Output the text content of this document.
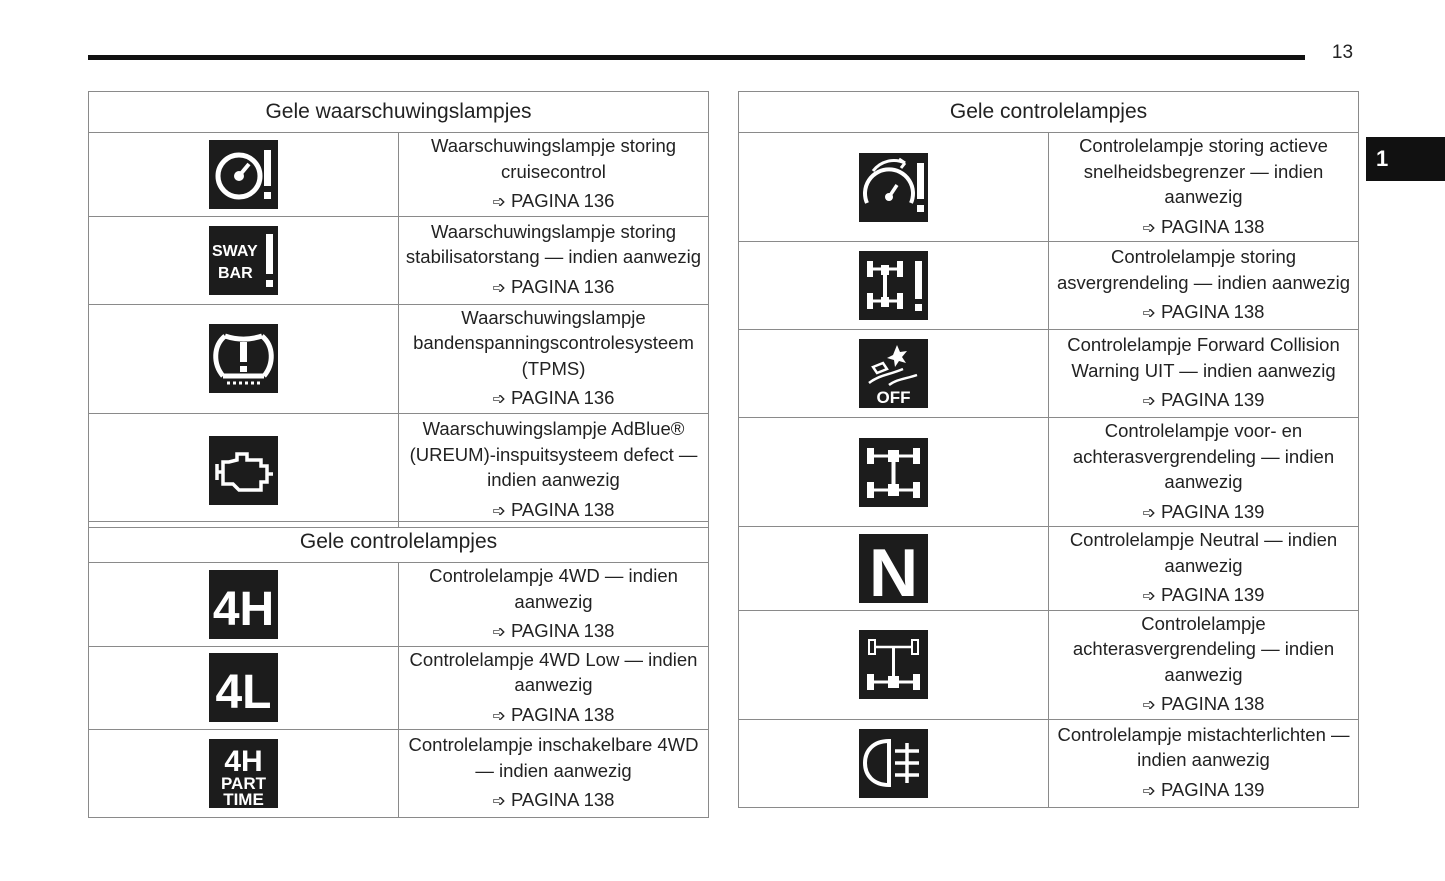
13
1
Gele waarschuwingslampjes	

	Waarschuwingslampje storing cruisecontrol
➩ PAGINA 136

SWAY
BAR	Waarschuwingslampje storing stabilisatorstang — indien aanwezig
➩ PAGINA 136

	Waarschuwingslampje bandenspanningscontrolesysteem (TPMS)
➩ PAGINA 136

	Waarschuwingslampje AdBlue® (UREUM)-inspuitsysteem defect — indien aanwezig
➩ PAGINA 138
Gele controlelampjes	

4H	Controlelampje 4WD — indien aanwezig
➩ PAGINA 138

4L	Controlelampje 4WD Low — indien aanwezig
➩ PAGINA 138

4H
PART
TIME	Controlelampje inschakelbare 4WD — indien aanwezig
➩ PAGINA 138
Gele controlelampjes	

	Controlelampje storing actieve snelheidsbegrenzer — indien aanwezig
➩ PAGINA 138

	Controlelampje storing asvergrendeling — indien aanwezig
➩ PAGINA 138

OFF	Controlelampje Forward Collision Warning UIT — indien aanwezig
➩ PAGINA 139

	Controlelampje voor- en achterasvergrendeling — indien aanwezig
➩ PAGINA 139

N	Controlelampje Neutral — indien aanwezig
➩ PAGINA 139

	Controlelampje achterasvergrendeling — indien aanwezig
➩ PAGINA 138

	Controlelampje mistachterlichten — indien aanwezig
➩ PAGINA 139
